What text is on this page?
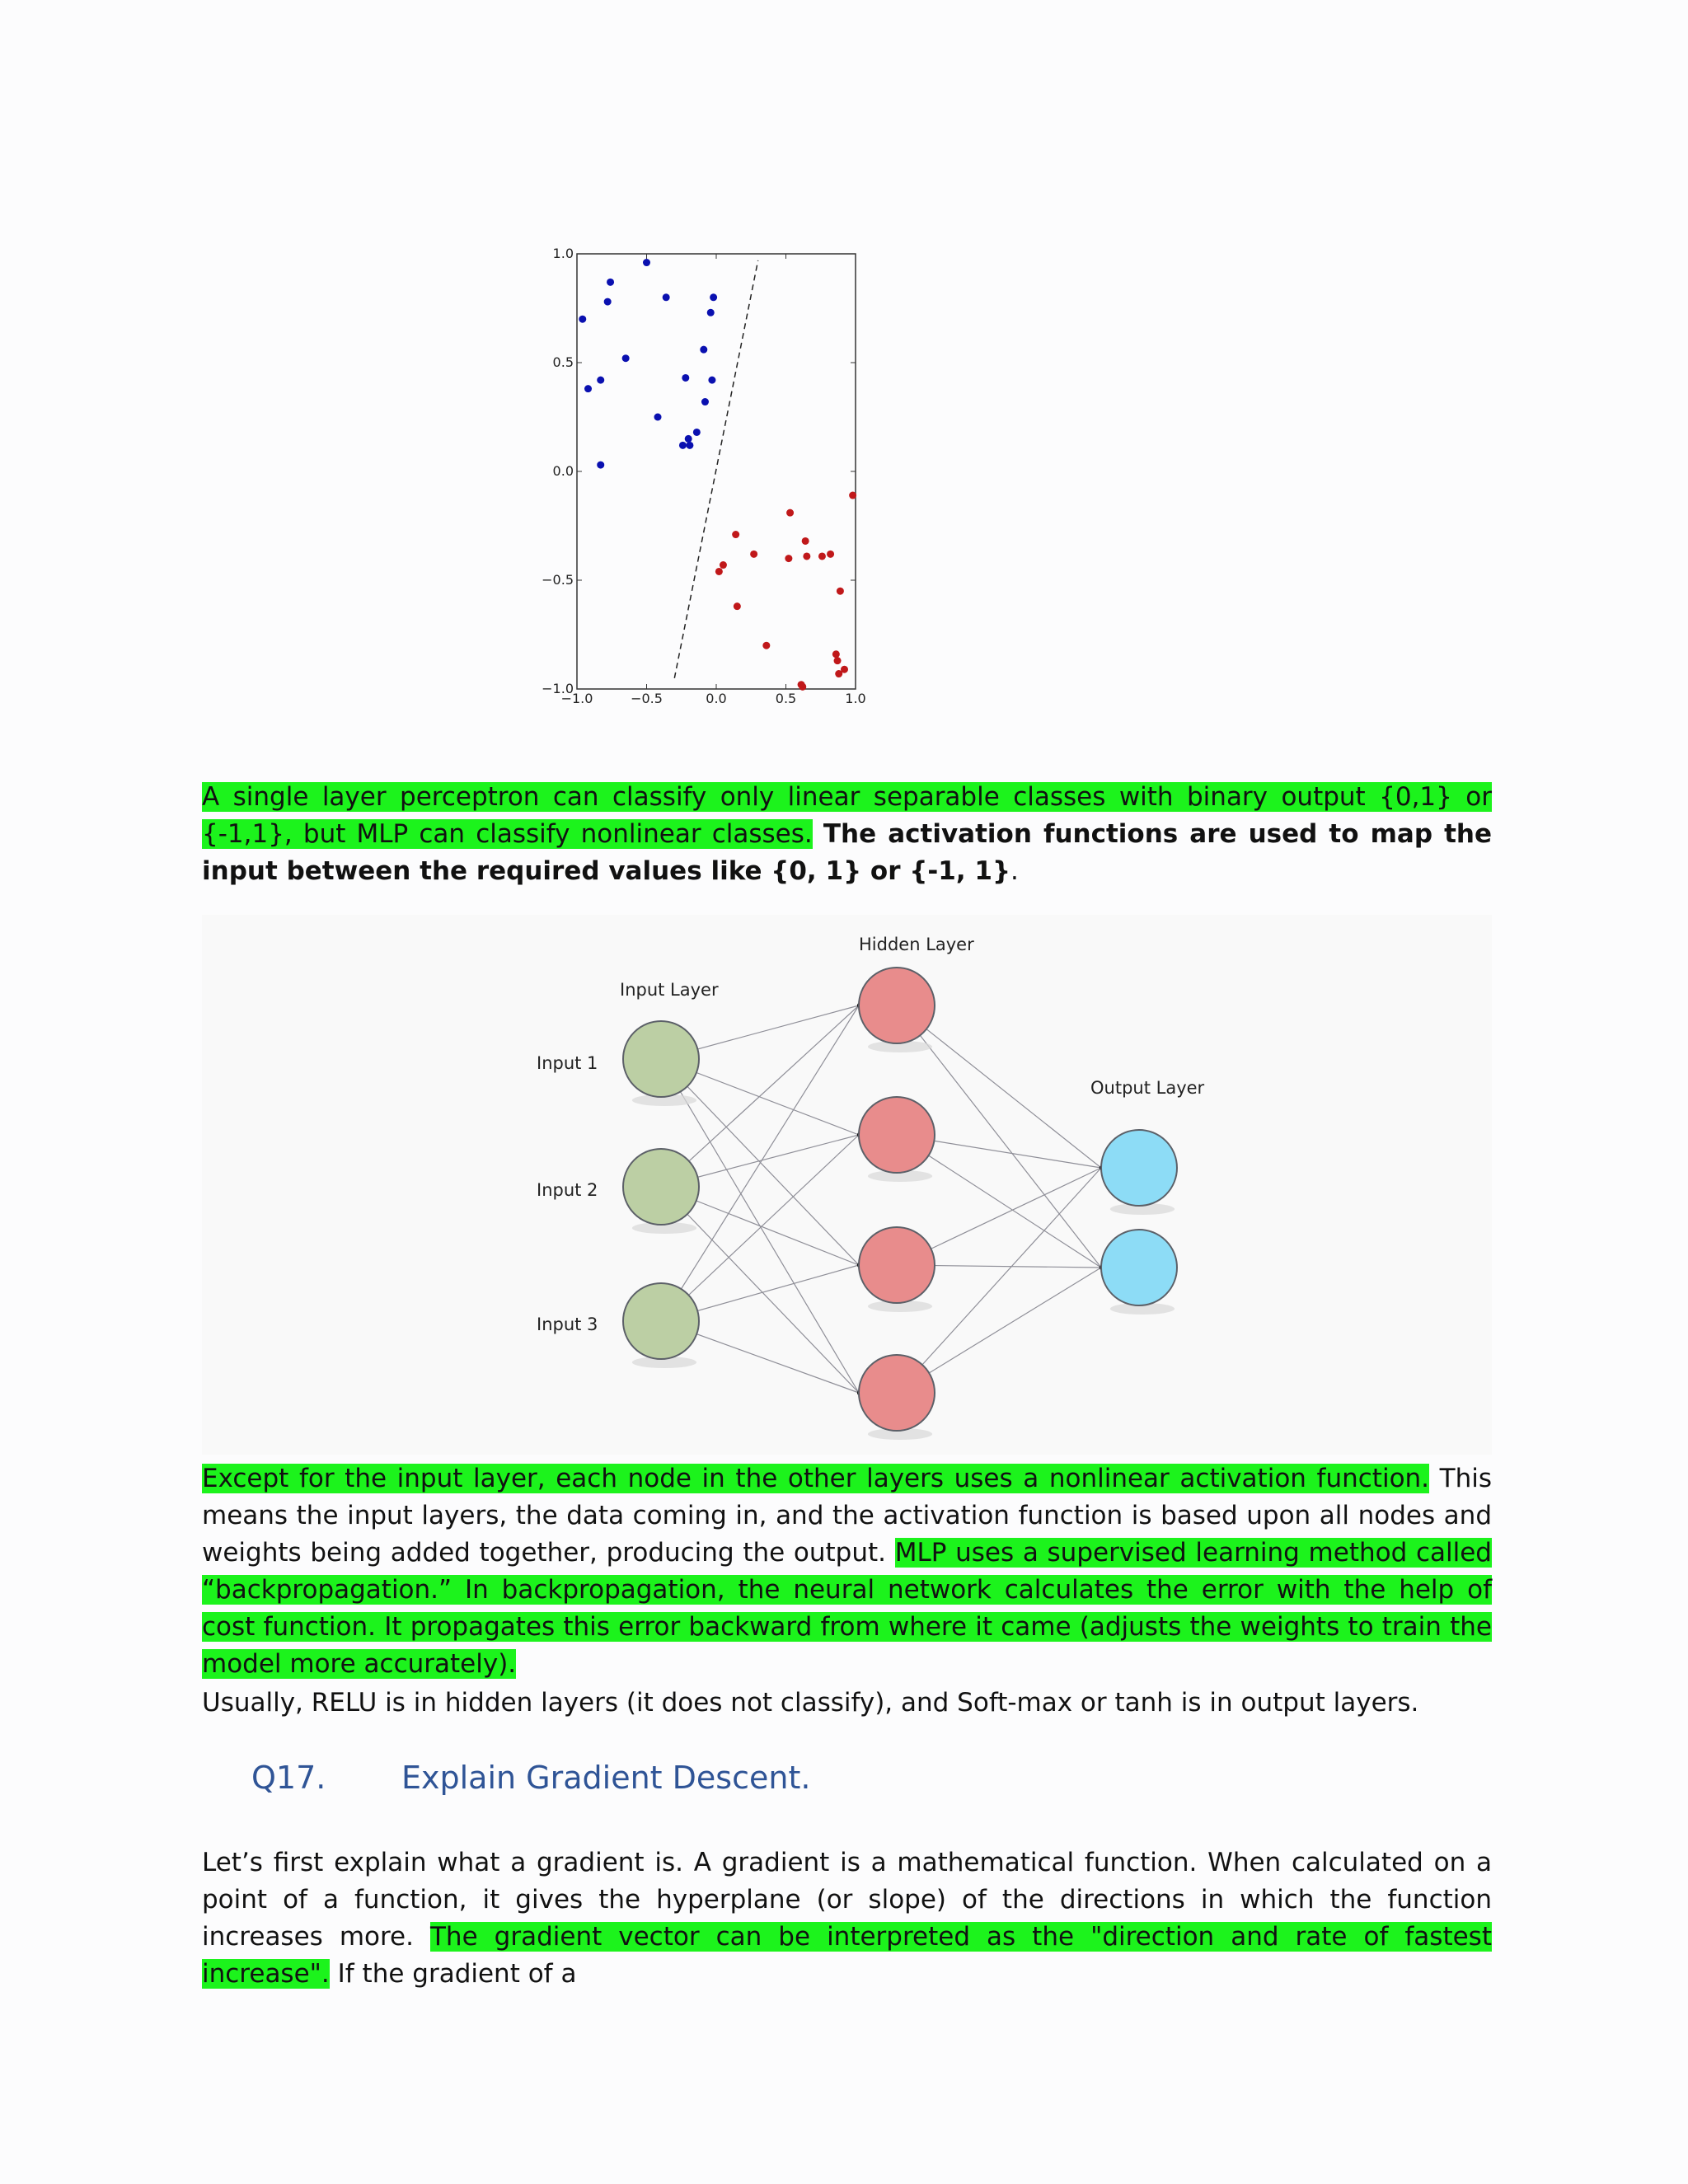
−1.0	−0.5	0.0	0.5	1.0
1.0
0.5
0.0
−0.5
−1.0

A single layer perceptron can classify only linear separable classes with binary output {0,1} or {-1,1}, but MLP can classify nonlinear classes. The activation functions are used to map the input between the required values like {0, 1} or {-1, 1}.

Hidden Layer
Input Layer
Output Layer
Input 1
Input 2
Input 3

Except for the input layer, each node in the other layers uses a nonlinear activation function. This means the input layers, the data coming in, and the activation function is based upon all nodes and weights being added together, producing the output. MLP uses a supervised learning method called “backpropagation.” In backpropagation, the neural network calculates the error with the help of cost function. It propagates this error backward from where it came (adjusts the weights to train the model more accurately).

Usually, RELU is in hidden layers (it does not classify), and Soft-max or tanh is in output layers.

Q17. Explain Gradient Descent.

Let’s first explain what a gradient is. A gradient is a mathematical function. When calculated on a point of a function, it gives the hyperplane (or slope) of the directions in which the function increases more. The gradient vector can be interpreted as the "direction and rate of fastest increase". If the gradient of a
